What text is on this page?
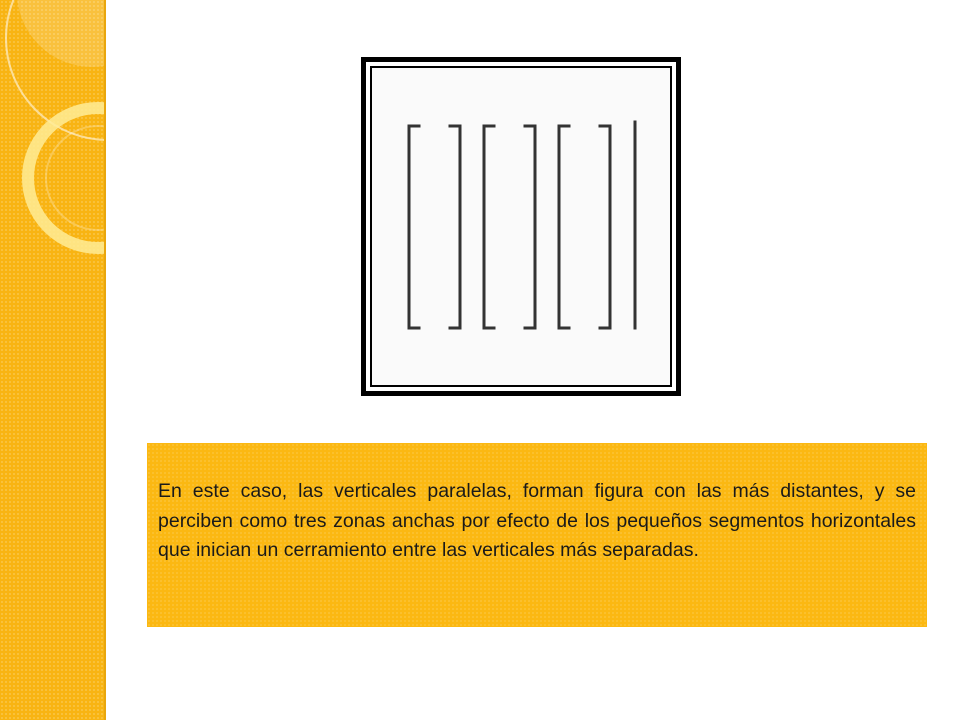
En este caso, las verticales paralelas, forman figura con las más distantes, y se perciben como tres zonas anchas por efecto de los pequeños segmentos horizontales que inician un cerramiento entre las verticales más separadas.
